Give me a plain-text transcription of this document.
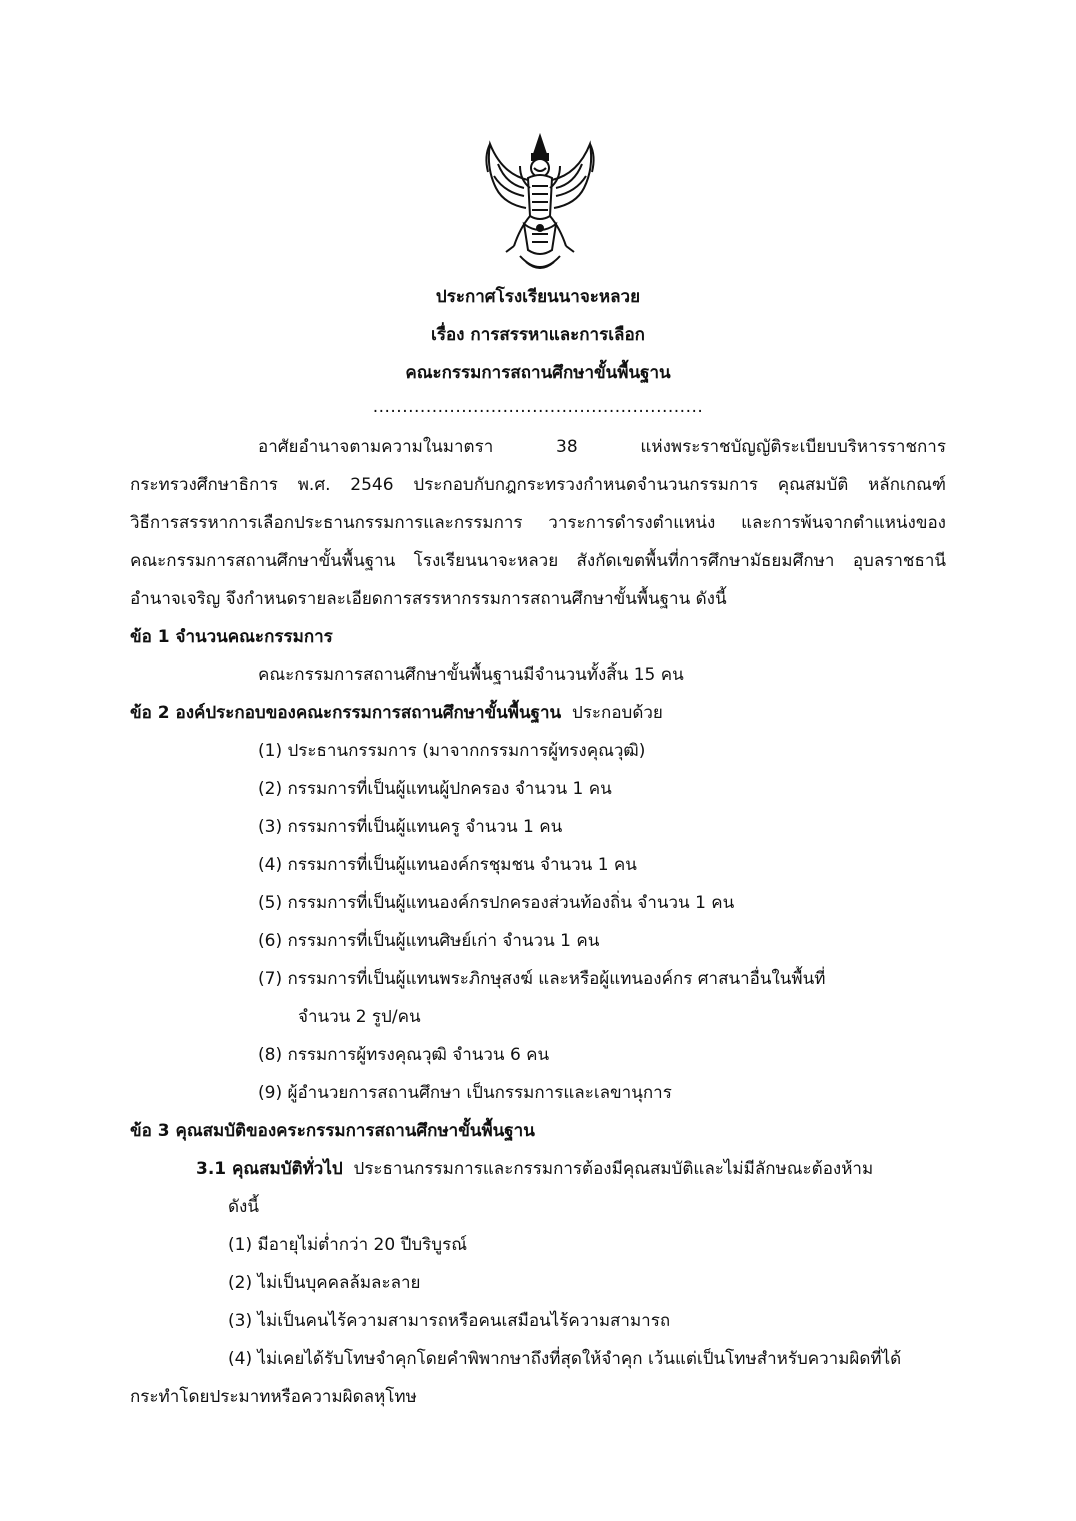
ประกาศโรงเรียนนาจะหลวย
เรื่อง การสรรหาและการเลือก
คณะกรรมการสถานศึกษาขั้นพื้นฐาน
........................................................
อาศัยอำนาจตามความในมาตรา 38 แห่งพระราชบัญญัติระเบียบบริหารราชการ
กระทรวงศึกษาธิการ พ.ศ. 2546 ประกอบกับกฎกระทรวงกำหนดจำนวนกรรมการ คุณสมบัติ หลักเกณฑ์
วิธีการสรรหาการเลือกประธานกรรมการและกรรมการ วาระการดำรงตำแหน่ง และการพ้นจากตำแหน่งของ
คณะกรรมการสถานศึกษาขั้นพื้นฐาน โรงเรียนนาจะหลวย สังกัดเขตพื้นที่การศึกษามัธยมศึกษา อุบลราชธานี
อำนาจเจริญ จึงกำหนดรายละเอียดการสรรหากรรมการสถานศึกษาขั้นพื้นฐาน ดังนี้
ข้อ 1 จำนวนคณะกรรมการ
คณะกรรมการสถานศึกษาขั้นพื้นฐานมีจำนวนทั้งสิ้น 15 คน
ข้อ 2 องค์ประกอบของคณะกรรมการสถานศึกษาขั้นพื้นฐาน ประกอบด้วย
(1) ประธานกรรมการ (มาจากกรรมการผู้ทรงคุณวุฒิ)
(2) กรรมการที่เป็นผู้แทนผู้ปกครอง จำนวน 1 คน
(3) กรรมการที่เป็นผู้แทนครู จำนวน 1 คน
(4) กรรมการที่เป็นผู้แทนองค์กรชุมชน จำนวน 1 คน
(5) กรรมการที่เป็นผู้แทนองค์กรปกครองส่วนท้องถิ่น จำนวน 1 คน
(6) กรรมการที่เป็นผู้แทนศิษย์เก่า จำนวน 1 คน
(7) กรรมการที่เป็นผู้แทนพระภิกษุสงฆ์ และหรือผู้แทนองค์กร ศาสนาอื่นในพื้นที่
จำนวน 2 รูป/คน
(8) กรรมการผู้ทรงคุณวุฒิ จำนวน 6 คน
(9) ผู้อำนวยการสถานศึกษา เป็นกรรมการและเลขานุการ
ข้อ 3 คุณสมบัติของคระกรรมการสถานศึกษาขั้นพื้นฐาน
3.1 คุณสมบัติทั่วไป ประธานกรรมการและกรรมการต้องมีคุณสมบัติและไม่มีลักษณะต้องห้าม
ดังนี้
(1) มีอายุไม่ต่ำกว่า 20 ปีบริบูรณ์
(2) ไม่เป็นบุคคลล้มละลาย
(3) ไม่เป็นคนไร้ความสามารถหรือคนเสมือนไร้ความสามารถ
(4) ไม่เคยได้รับโทษจำคุกโดยคำพิพากษาถึงที่สุดให้จำคุก เว้นแต่เป็นโทษสำหรับความผิดที่ได้
กระทำโดยประมาทหรือความผิดลหุโทษ
